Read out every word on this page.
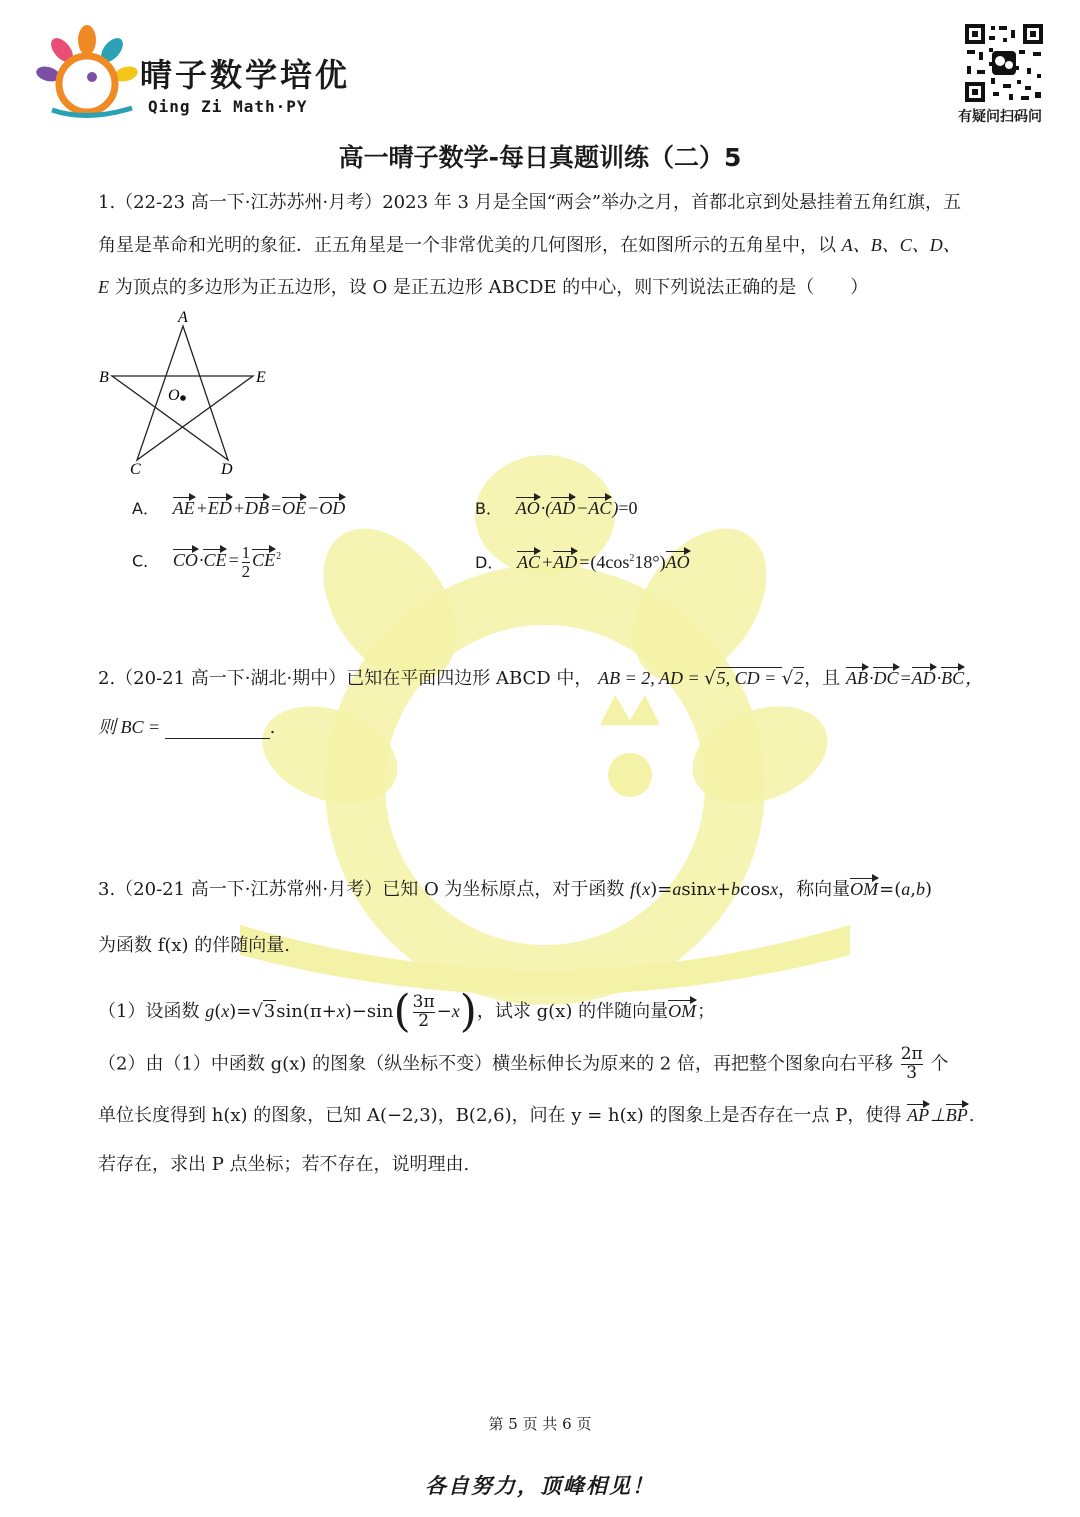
晴子数学培优
Qing Zi Math·PY
有疑问扫码问
高一晴子数学-每日真题训练（二）5
1.（22-23 高一下·江苏苏州·月考）2023 年 3 月是全国“两会”举办之月，首都北京到处悬挂着五角红旗，五
角星是革命和光明的象征．正五角星是一个非常优美的几何图形，在如图所示的五角星中，以 A、B、C、D、
E 为顶点的多边形为正五边形，设 O 是正五边形 ABCDE 的中心，则下列说法正确的是（　　）
A
B	E
C	D
O
A． AE+ED+DB=OE−OD	B． AO·(AD−AC)=0
C． $CO\cdot CE= \frac{1}{2} CE^2$	D． $AC+AD=(4\cos^218^\circ)AO$
2.（20-21 高一下·湖北·期中）已知在平面四边形 ABCD 中， AB = 2, AD = √5, CD = √2，且 AB·DC=AD·BC，
则 BC =	.
3.（20-21 高一下·江苏常州·月考）已知 O 为坐标原点，对于函数 f(x)=asinx+bcosx，称向量OM=(a,b)
为函数 f(x) 的伴随向量.
（1）设函数 $g(x)=√3\sin(\pi+x)-\sin( \frac{3\pi}{2} -x)$，试求 g(x) 的伴随向量OM；
（2）由（1）中函数 g(x) 的图象（纵坐标不变）横坐标伸长为原来的 2 倍，再把整个图象向右平移 $\frac{2\pi}{3}$ 个
单位长度得到 h(x) 的图象，已知 A(−2,3)，B(2,6)，问在 y = h(x) 的图象上是否存在一点 P，使得 AP⊥BP.
若存在，求出 P 点坐标；若不存在，说明理由.
第 5 页 共 6 页
各自努力，顶峰相见！
